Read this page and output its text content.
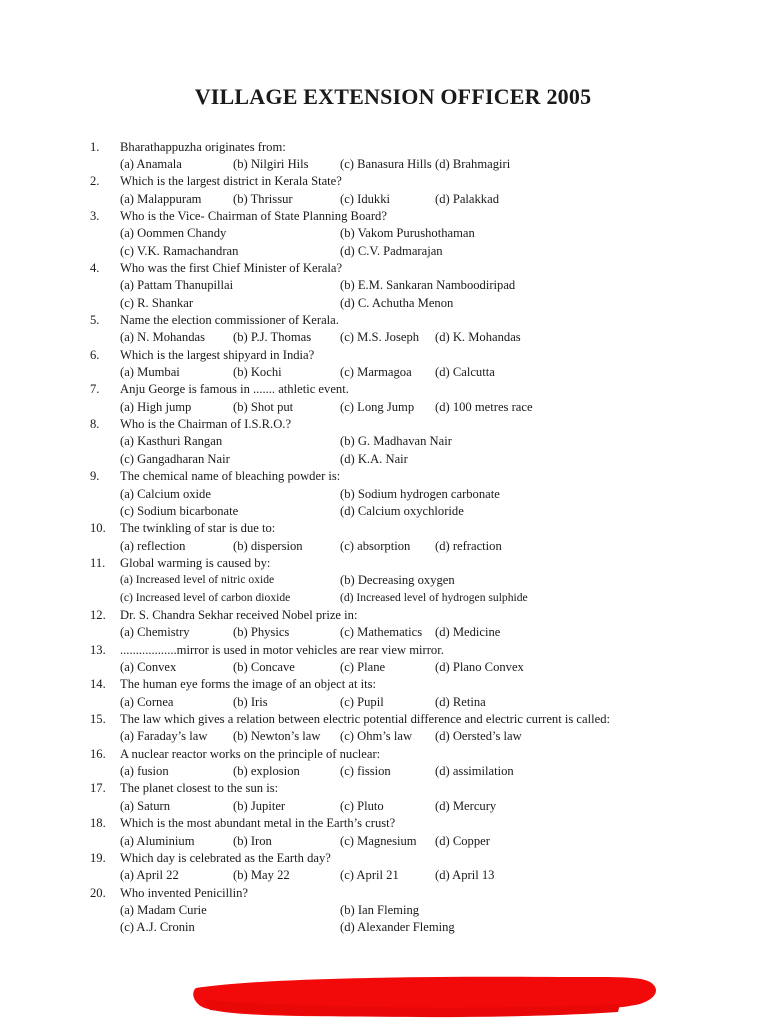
VILLAGE EXTENSION OFFICER 2005
1. Bharathappuzha originates from:
(a) Anamala	(b) Nilgiri Hils (c) Banasura Hills (d) Brahmagiri
2. Which is the largest district in Kerala State?
(a) Malappuram	(b) Thrissur	(c) Idukki	(d) Palakkad
3. Who is the Vice- Chairman of State Planning Board?
(a) Oommen Chandy	(b) Vakom Purushothaman
(c) V.K. Ramachandran	(d) C.V. Padmarajan
4. Who was the first Chief Minister of Kerala?
(a) Pattam Thanupillai	(b) E.M. Sankaran Namboodiripad
(c) R. Shankar	(d) C. Achutha Menon
5. Name the election commissioner of Kerala.
(a) N. Mohandas (b) P.J. Thomas (c) M.S. Joseph (d) K. Mohandas
6. Which is the largest shipyard in India?
(a) Mumbai	(b) Kochi	(c) Marmagoa (d) Calcutta
7. Anju George is famous in ....... athletic event.
(a) High jump	(b) Shot put	(c) Long Jump (d) 100 metres race
8. Who is the Chairman of I.S.R.O.?
(a) Kasthuri Rangan	(b) G. Madhavan Nair
(c) Gangadharan Nair	(d) K.A. Nair
9. The chemical name of bleaching powder is:
(a) Calcium oxide	(b) Sodium hydrogen carbonate
(c) Sodium bicarbonate	(d) Calcium oxychloride
10. The twinkling of star is due to:
(a) reflection	(b) dispersion	(c) absorption (d) refraction
11. Global warming is caused by:
(a) Increased level of nitric oxide	(b) Decreasing oxygen
(c) Increased level of carbon dioxide	(d) Increased level of hydrogen sulphide
12. Dr. S. Chandra Sekhar received Nobel prize in:
(a) Chemistry	(b) Physics	(c) Mathematics (d) Medicine
13. ..................mirror is used in motor vehicles are rear view mirror.
(a) Convex	(b) Concave	(c) Plane	(d) Plano Convex
14. The human eye forms the image of an object at its:
(a) Cornea	(b) Iris	(c) Pupil	(d) Retina
15. The law which gives a relation between electric potential difference and electric current is called:
(a) Faraday’s law (b) Newton’s law (c) Ohm’s law (d) Oersted’s law
16. A nuclear reactor works on the principle of nuclear:
(a) fusion	(b) explosion	(c) fission	(d) assimilation
17. The planet closest to the sun is:
(a) Saturn	(b) Jupiter	(c) Pluto	(d) Mercury
18. Which is the most abundant metal in the Earth’s crust?
(a) Aluminium	(b) Iron	(c) Magnesium (d) Copper
19. Which day is celebrated as the Earth day?
(a) April 22	(b) May 22	(c) April 21	(d) April 13
20. Who invented Penicillin?
(a) Madam Curie	(b) Ian Fleming
(c) A.J. Cronin	(d) Alexander Fleming
